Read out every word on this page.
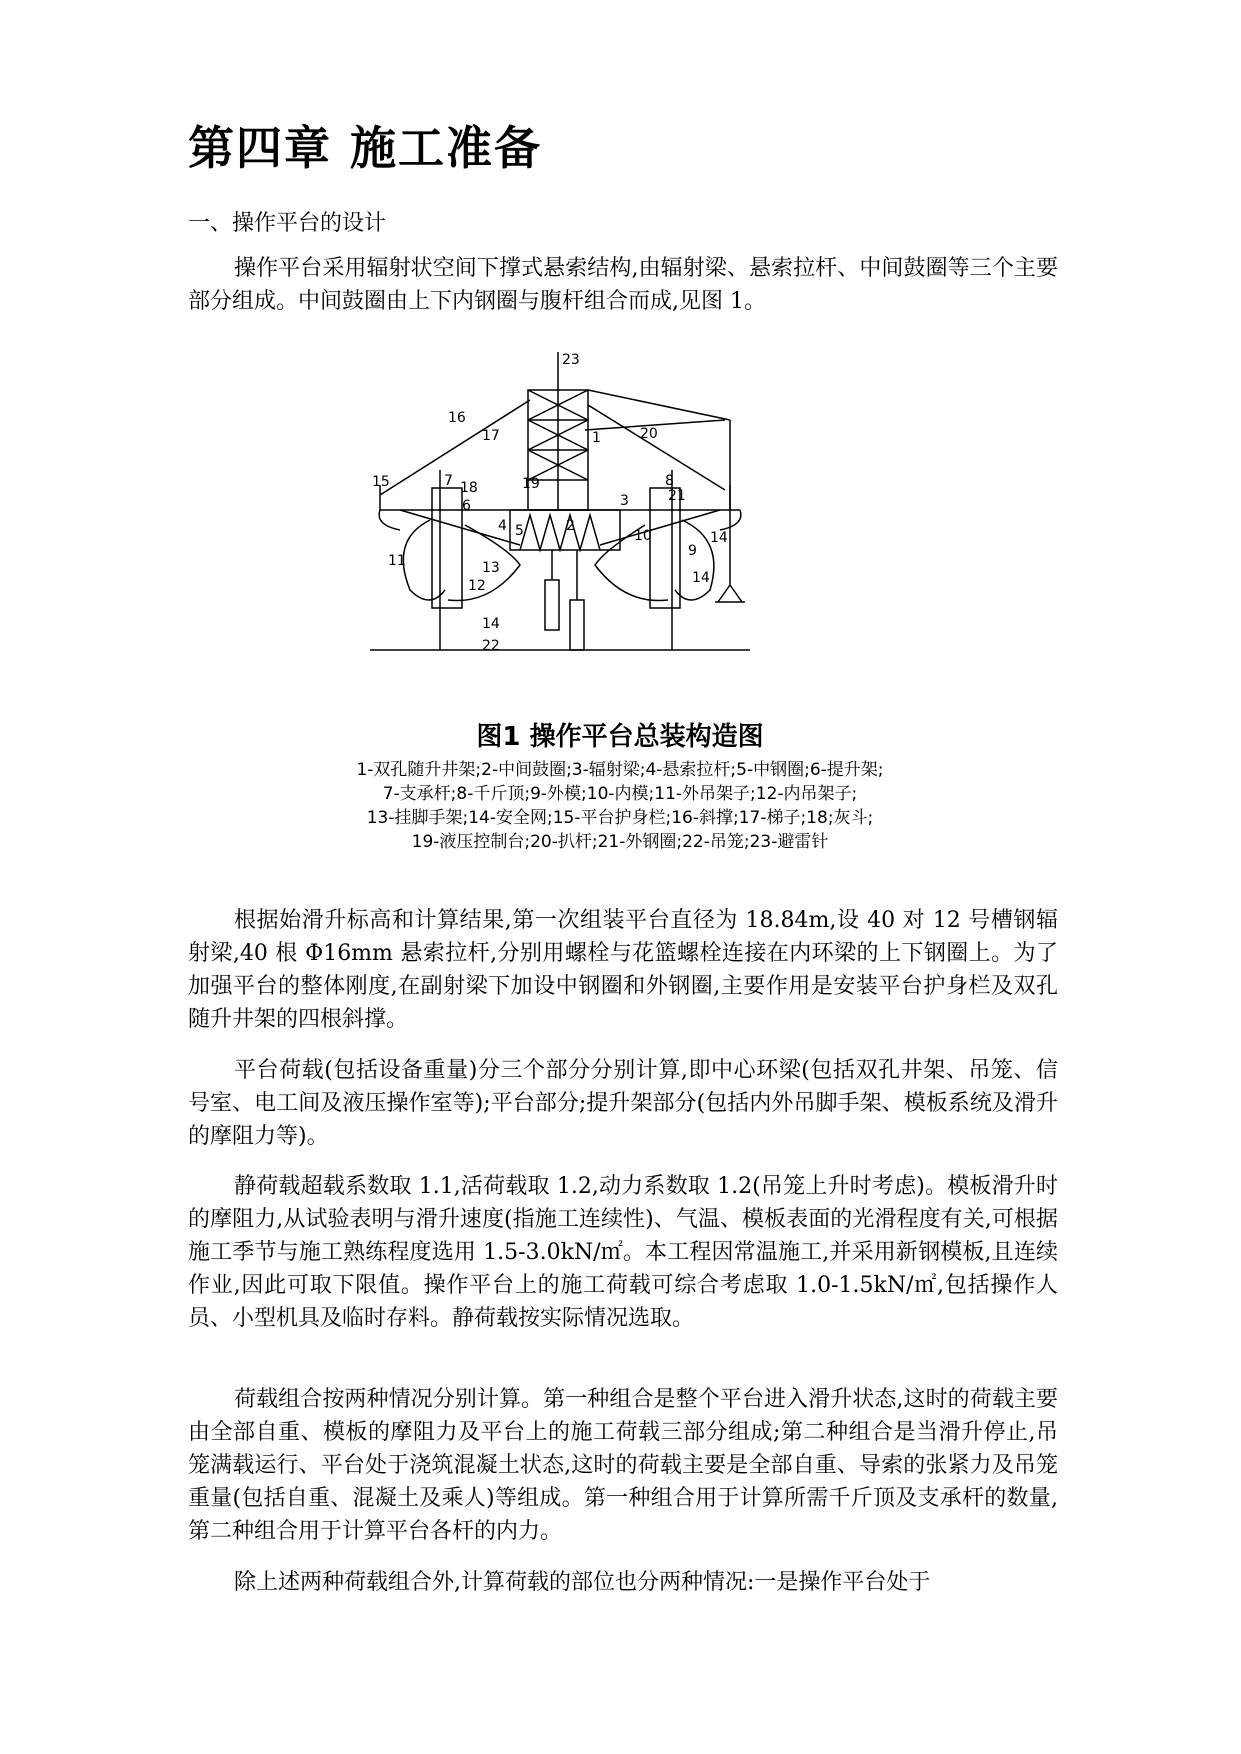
第四章 施工准备

一、操作平台的设计

操作平台采用辐射状空间下撑式悬索结构,由辐射梁、悬索拉杆、中间鼓圈等三个主要部分组成。中间鼓圈由上下内钢圈与腹杆组合而成,见图 1。

23
1
2
3
4 5
6
7	8
9
10
11
12
13
14
14
14
15
16
17
18	19
20
21
22

图1 操作平台总装构造图

1-双孔随升井架;2-中间鼓圈;3-辐射梁;4-悬索拉杆;5-中钢圈;6-提升架;
7-支承杆;8-千斤顶;9-外模;10-内模;11-外吊架子;12-内吊架子;
13-挂脚手架;14-安全网;15-平台护身栏;16-斜撑;17-梯子;18;灰斗;
19-液压控制台;20-扒杆;21-外钢圈;22-吊笼;23-避雷针

根据始滑升标高和计算结果,第一次组装平台直径为 18.84m,设 40 对 12 号槽钢辐射梁,40 根 Φ16mm 悬索拉杆,分别用螺栓与花篮螺栓连接在内环梁的上下钢圈上。为了加强平台的整体刚度,在副射梁下加设中钢圈和外钢圈,主要作用是安装平台护身栏及双孔随升井架的四根斜撑。

平台荷载(包括设备重量)分三个部分分别计算,即中心环梁(包括双孔井架、吊笼、信号室、电工间及液压操作室等);平台部分;提升架部分(包括内外吊脚手架、模板系统及滑升的摩阻力等)。

静荷载超载系数取 1.1,活荷载取 1.2,动力系数取 1.2(吊笼上升时考虑)。模板滑升时的摩阻力,从试验表明与滑升速度(指施工连续性)、气温、模板表面的光滑程度有关,可根据施工季节与施工熟练程度选用 1.5-3.0kN/㎡。本工程因常温施工,并采用新钢模板,且连续作业,因此可取下限值。操作平台上的施工荷载可综合考虑取 1.0-1.5kN/㎡,包括操作人员、小型机具及临时存料。静荷载按实际情况选取。

荷载组合按两种情况分别计算。第一种组合是整个平台进入滑升状态,这时的荷载主要由全部自重、模板的摩阻力及平台上的施工荷载三部分组成;第二种组合是当滑升停止,吊笼满载运行、平台处于浇筑混凝土状态,这时的荷载主要是全部自重、导索的张紧力及吊笼重量(包括自重、混凝土及乘人)等组成。第一种组合用于计算所需千斤顶及支承杆的数量,第二种组合用于计算平台各杆的内力。

除上述两种荷载组合外,计算荷载的部位也分两种情况:一是操作平台处于
